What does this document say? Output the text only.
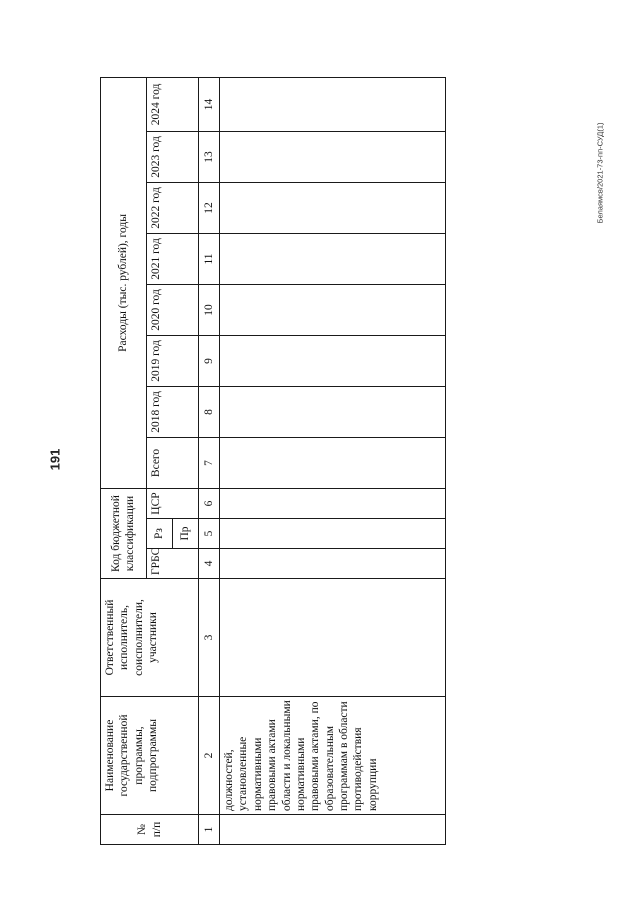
191
Белаямсв/2021-73-пп-СУД(1)
№ п/п	Наименование государственной программы, подпрограммы	Ответственный исполнитель, соисполнители, участники	Код бюджетной классификации			Расходы (тыс. рублей), годы							
			ГРБС	Рз	ЦСР	Всего	2018 год	2019 год	2020 год	2021 год	2022 год	2023 год	2024 год
				Пр									
1	2	3	4	5	6	7	8	9	10	11	12	13	14
	должностей, установленные нормативными правовыми актами области и локальными нормативными правовыми актами, по образовательным программам в области противодействия коррупции												
